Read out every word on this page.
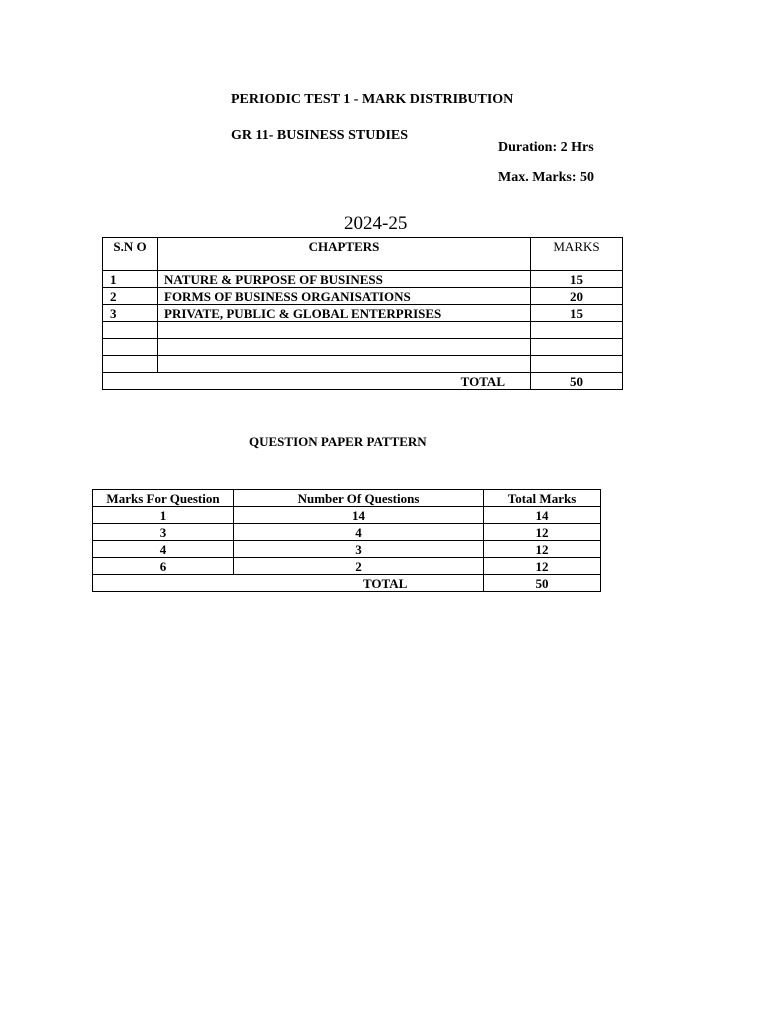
PERIODIC TEST 1 - MARK DISTRIBUTION
GR 11- BUSINESS STUDIES
Duration: 2 Hrs
Max. Marks: 50
2024-25
S.N O	CHAPTERS	MARKS
1	NATURE & PURPOSE OF BUSINESS	15
2	FORMS OF BUSINESS ORGANISATIONS	20
3	PRIVATE, PUBLIC & GLOBAL ENTERPRISES	15

TOTAL		50
QUESTION PAPER PATTERN
Marks For Question	Number Of Questions	Total Marks
1	14	14
3	4	12
4	3	12
6	2	12
TOTAL		50
